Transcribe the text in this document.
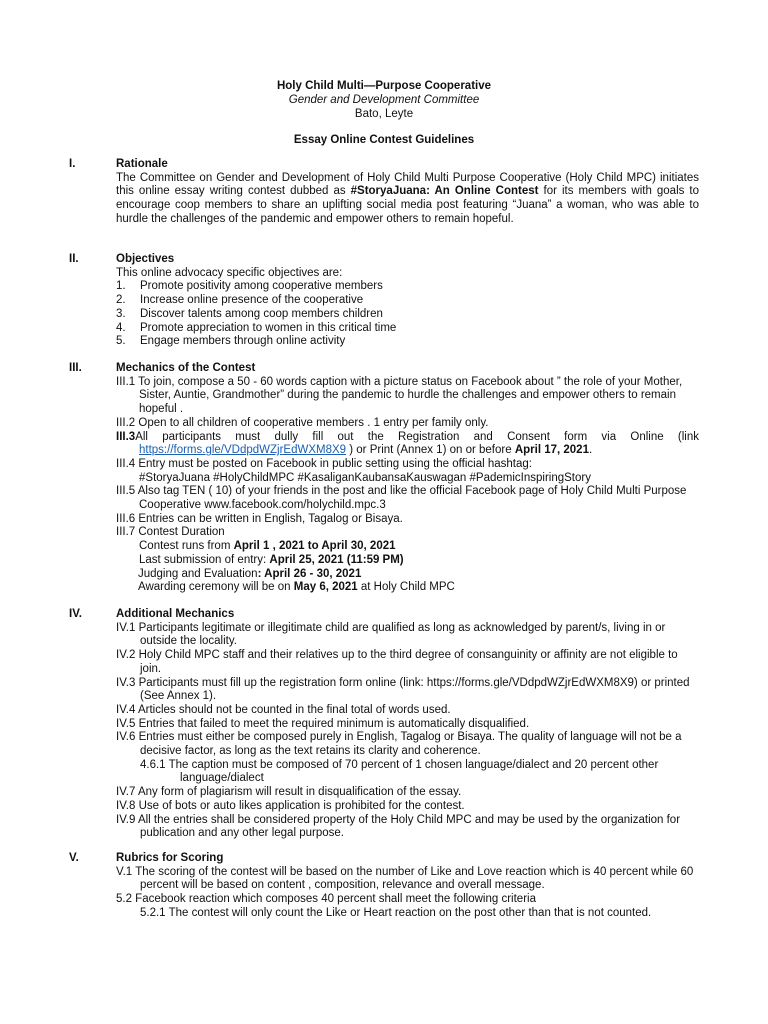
Holy Child Multi—Purpose Cooperative
Gender and Development Committee
Bato, Leyte
Essay Online Contest Guidelines
I.	Rationale
The Committee on Gender and Development of Holy Child Multi Purpose Cooperative (Holy Child MPC) initiates this online essay writing contest dubbed as #StoryaJuana: An Online Contest for its members with goals to encourage coop members to share an uplifting social media post featuring “Juana” a woman, who was able to hurdle the challenges of the pandemic and empower others to remain hopeful.
II.	Objectives
This online advocacy specific objectives are:
1.	Promote positivity among cooperative members
2.	Increase online presence of the cooperative
3.	Discover talents among coop members children
4.	Promote appreciation to women in this critical time
5.	Engage members through online activity
III.	Mechanics of the Contest
III.1 To join, compose a 50 - 60 words caption with a picture status on Facebook about ” the role of your Mother, Sister, Auntie, Grandmother” during the pandemic to hurdle the challenges and empower others to remain hopeful .
III.2 Open to all children of cooperative members . 1 entry per family only.
III.3All participants must dully fill out the Registration and Consent form via Online (link https://forms.gle/VDdpdWZjrEdWXM8X9 ) or Print (Annex 1) on or before April 17, 2021.
III.4 Entry must be posted on Facebook in public setting using the official hashtag:
#StoryaJuana #HolyChildMPC #KasaliganKaubansaKauswagan #PademicInspiringStory
III.5 Also tag TEN ( 10) of your friends in the post and like the official Facebook page of Holy Child Multi Purpose Cooperative www.facebook.com/holychild.mpc.3
III.6 Entries can be written in English, Tagalog or Bisaya.
III.7 Contest Duration
Contest runs from April 1 , 2021 to April 30, 2021
Last submission of entry: April 25, 2021 (11:59 PM)
Judging and Evaluation: April 26 - 30, 2021
Awarding ceremony will be on May 6, 2021 at Holy Child MPC
IV.	Additional Mechanics
IV.1 Participants legitimate or illegitimate child are qualified as long as acknowledged by parent/s, living in or outside the locality.
IV.2 Holy Child MPC staff and their relatives up to the third degree of consanguinity or affinity are not eligible to join.
IV.3 Participants must fill up the registration form online (link: https://forms.gle/VDdpdWZjrEdWXM8X9) or printed (See Annex 1).
IV.4 Articles should not be counted in the final total of words used.
IV.5 Entries that failed to meet the required minimum is automatically disqualified.
IV.6 Entries must either be composed purely in English, Tagalog or Bisaya. The quality of language will not be a decisive factor, as long as the text retains its clarity and coherence.
4.6.1 The caption must be composed of 70 percent of 1 chosen language/dialect and 20 percent other language/dialect
IV.7 Any form of plagiarism will result in disqualification of the essay.
IV.8 Use of bots or auto likes application is prohibited for the contest.
IV.9 All the entries shall be considered property of the Holy Child MPC and may be used by the organization for publication and any other legal purpose.
V.	Rubrics for Scoring
V.1 The scoring of the contest will be based on the number of Like and Love reaction which is 40 percent while 60 percent will be based on content , composition, relevance and overall message.
5.2 Facebook reaction which composes 40 percent shall meet the following criteria
5.2.1 The contest will only count the Like or Heart reaction on the post other than that is not counted.
